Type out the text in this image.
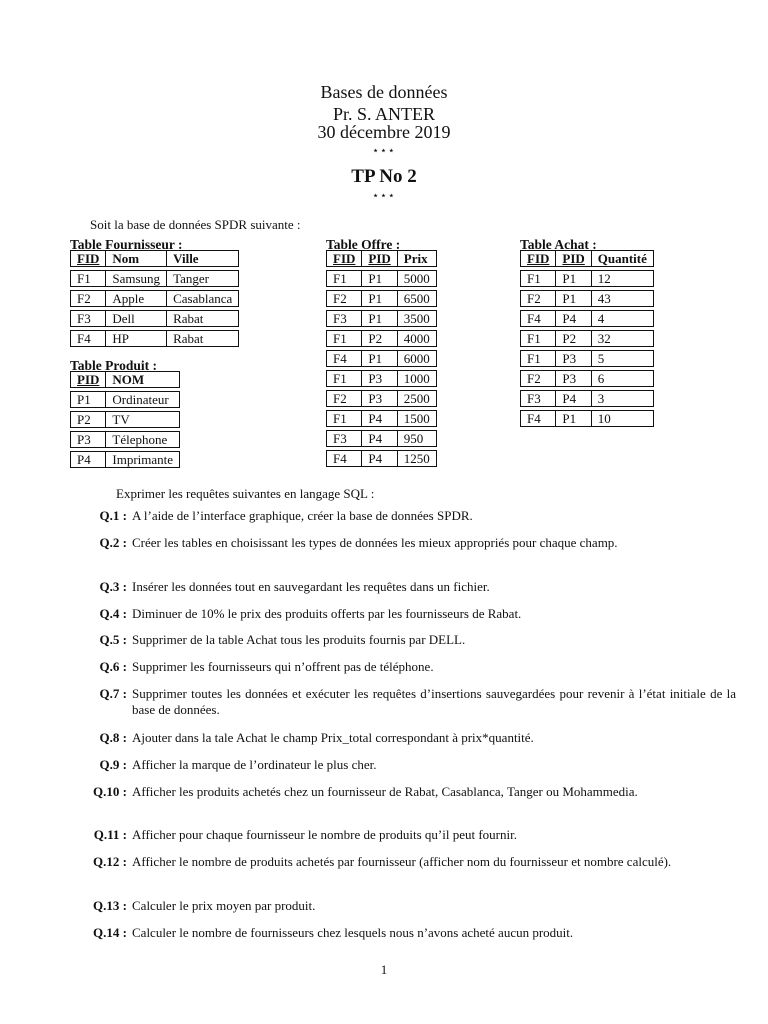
Bases de données
Pr. S. ANTER
30 décembre 2019
⋆⋆⋆
TP No 2
⋆⋆⋆
Soit la base de données SPDR suivante :
Table Fournisseur :
Table Produit :
Table Offre :	Table Achat :
FID	Nom	Ville
F1	Samsung	Tanger
F2	Apple	Casablanca
F3	Dell	Rabat
F4	HP	Rabat
PID	NOM
P1	Ordinateur
P2	TV
P3	Télephone
P4	Imprimante
FID	PID	Prix
F1	P1	5000
F2	P1	6500
F3	P1	3500
F1	P2	4000
F4	P1	6000
F1	P3	1000
F2	P3	2500
F1	P4	1500
F3	P4	950
F4	P4	1250
FID	PID	Quantité
F1	P1	12
F2	P1	43
F4	P4	4
F1	P2	32
F1	P3	5
F2	P3	6
F3	P4	3
F4	P1	10
Exprimer les requêtes suivantes en langage SQL :
Q.1 : A l’aide de l’interface graphique, créer la base de données SPDR.
Q.2 : Créer les tables en choisissant les types de données les mieux appropriés pour chaque champ.
Q.3 : Insérer les données tout en sauvegardant les requêtes dans un fichier.
Q.4 : Diminuer de 10% le prix des produits offerts par les fournisseurs de Rabat.
Q.5 : Supprimer de la table Achat tous les produits fournis par DELL.
Q.6 : Supprimer les fournisseurs qui n’offrent pas de téléphone.
Q.7 : Supprimer toutes les données et exécuter les requêtes d’insertions sauvegardées pour revenir à l’état initiale de la base de données.
Q.8 : Ajouter dans la tale Achat le champ Prix_total correspondant à prix*quantité.
Q.9 : Afficher la marque de l’ordinateur le plus cher.
Q.10 : Afficher les produits achetés chez un fournisseur de Rabat, Casablanca, Tanger ou Mohammedia.
Q.11 : Afficher pour chaque fournisseur le nombre de produits qu’il peut fournir.
Q.12 : Afficher le nombre de produits achetés par fournisseur (afficher nom du fournisseur et nombre calculé).
Q.13 : Calculer le prix moyen par produit.
Q.14 : Calculer le nombre de fournisseurs chez lesquels nous n’avons acheté aucun produit.
1
